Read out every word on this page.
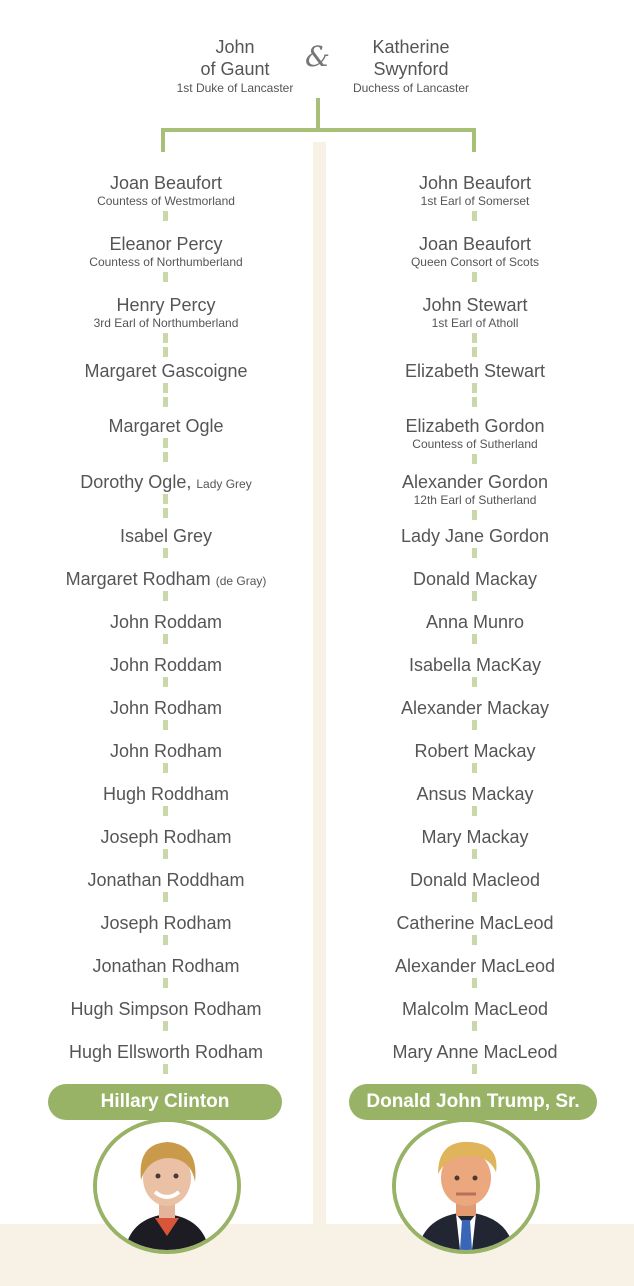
John
of Gaunt
1st Duke of Lancaster
&	Katherine
Swynford
Duchess of Lancaster
Joan Beaufort
Countess of Westmorland
Eleanor Percy
Countess of Northumberland
Henry Percy
3rd Earl of Northumberland
Margaret Gascoigne
Margaret Ogle
Dorothy Ogle, Lady Grey
Isabel Grey
Margaret Rodham (de Gray)
John Roddam
John Roddam
John Rodham
John Rodham
Hugh Roddham
Joseph Rodham
Jonathan Roddham
Joseph Rodham
Jonathan Rodham
Hugh Simpson Rodham
Hugh Ellsworth Rodham
John Beaufort
1st Earl of Somerset
Joan Beaufort
Queen Consort of Scots
John Stewart
1st Earl of Atholl
Elizabeth Stewart
Elizabeth Gordon
Countess of Sutherland
Alexander Gordon
12th Earl of Sutherland
Lady Jane Gordon
Donald Mackay
Anna Munro
Isabella MacKay
Alexander Mackay
Robert Mackay
Ansus Mackay
Mary Mackay
Donald Macleod
Catherine MacLeod
Alexander MacLeod
Malcolm MacLeod
Mary Anne MacLeod
Hillary Clinton	Donald John Trump, Sr.
